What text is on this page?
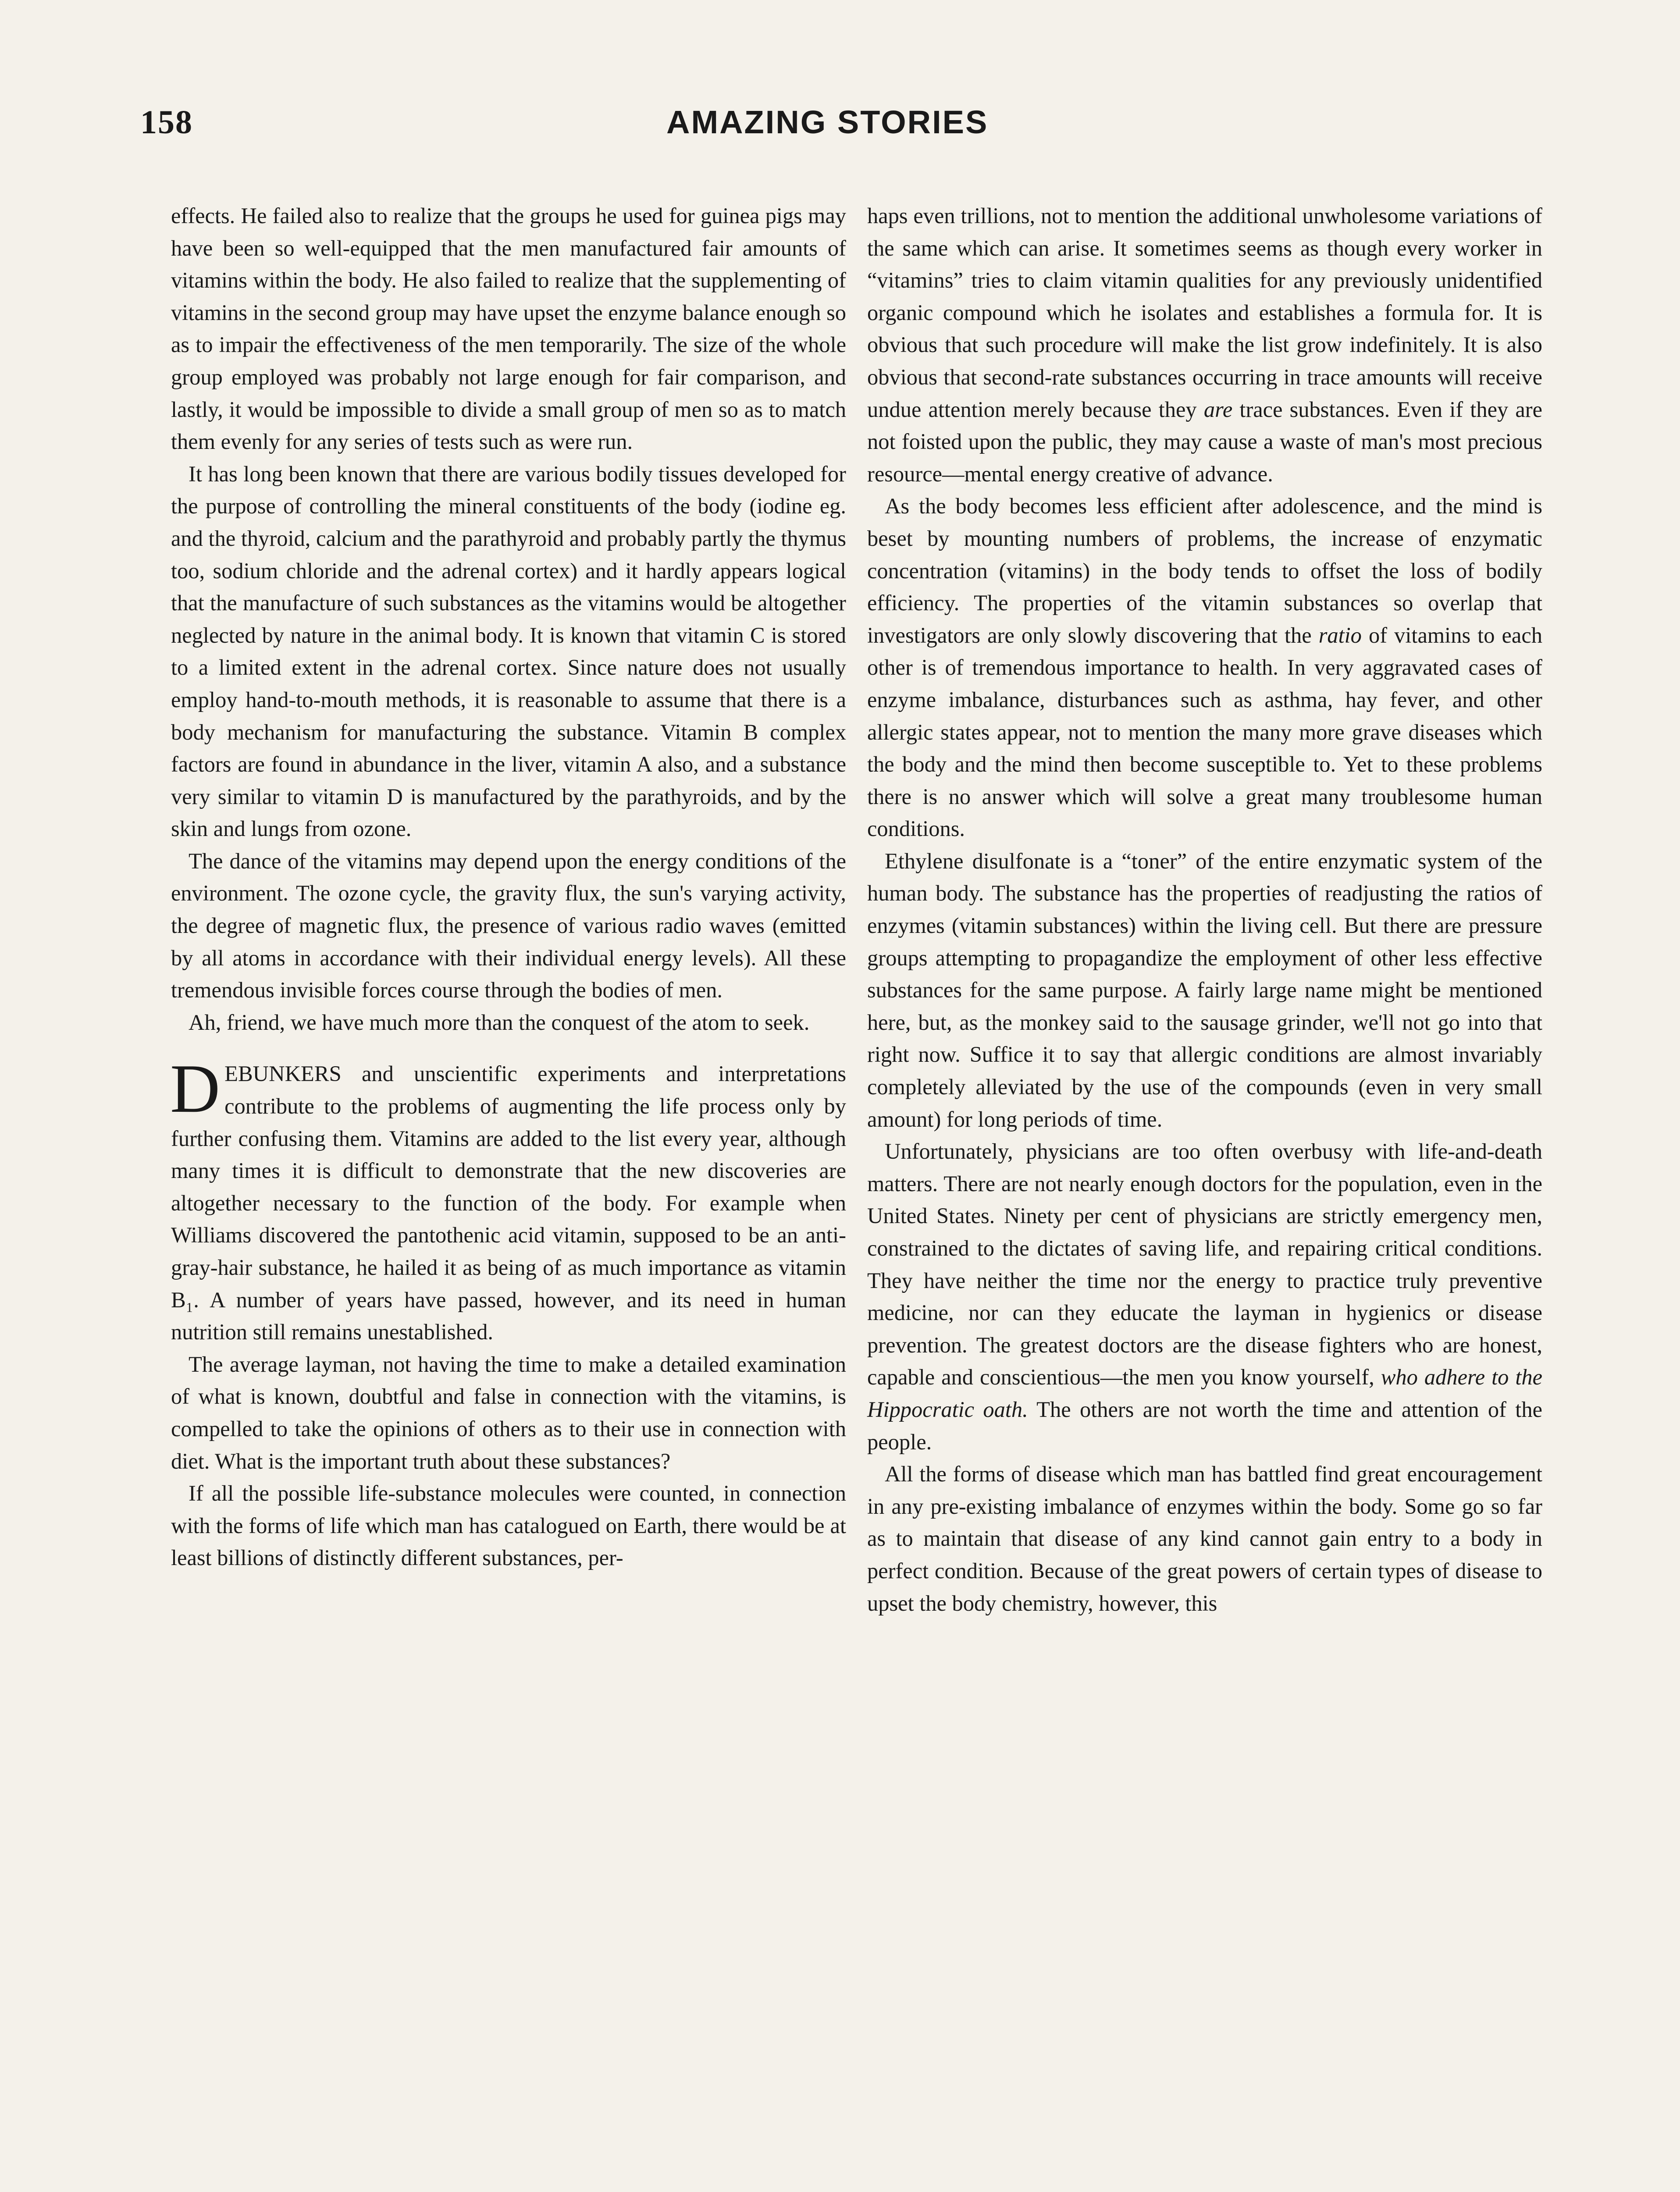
158	AMAZING STORIES

effects. He failed also to realize that the groups he used for guinea pigs may have been so well-equipped that the men manufactured fair amounts of vitamins within the body. He also failed to realize that the supplementing of vitamins in the second group may have upset the enzyme balance enough so as to impair the effectiveness of the men temporarily. The size of the whole group employed was probably not large enough for fair comparison, and lastly, it would be impossible to divide a small group of men so as to match them evenly for any series of tests such as were run.

It has long been known that there are various bodily tissues developed for the purpose of controlling the mineral constituents of the body (iodine eg. and the thyroid, calcium and the parathyroid and probably partly the thymus too, sodium chloride and the adrenal cortex) and it hardly appears logical that the manufacture of such substances as the vitamins would be altogether neglected by nature in the animal body. It is known that vitamin C is stored to a limited extent in the adrenal cortex. Since nature does not usually employ hand-to-mouth methods, it is reasonable to assume that there is a body mechanism for manufacturing the substance. Vitamin B complex factors are found in abundance in the liver, vitamin A also, and a substance very similar to vitamin D is manufactured by the parathyroids, and by the skin and lungs from ozone.

The dance of the vitamins may depend upon the energy conditions of the environment. The ozone cycle, the gravity flux, the sun's varying activity, the degree of magnetic flux, the presence of various radio waves (emitted by all atoms in accordance with their individual energy levels). All these tremendous invisible forces course through the bodies of men.

Ah, friend, we have much more than the conquest of the atom to seek.

DEBUNKERS and unscientific experiments and interpretations contribute to the problems of augmenting the life process only by further confusing them. Vitamins are added to the list every year, although many times it is difficult to demonstrate that the new discoveries are altogether necessary to the function of the body. For example when Williams discovered the pantothenic acid vitamin, supposed to be an anti-gray-hair substance, he hailed it as being of as much importance as vitamin B₁. A number of years have passed, however, and its need in human nutrition still remains unestablished.

The average layman, not having the time to make a detailed examination of what is known, doubtful and false in connection with the vitamins, is compelled to take the opinions of others as to their use in connection with diet. What is the important truth about these substances?

If all the possible life-substance molecules were counted, in connection with the forms of life which man has catalogued on Earth, there would be at least billions of distinctly different substances, per-

haps even trillions, not to mention the additional unwholesome variations of the same which can arise. It sometimes seems as though every worker in “vitamins” tries to claim vitamin qualities for any previously unidentified organic compound which he isolates and establishes a formula for. It is obvious that such procedure will make the list grow indefinitely. It is also obvious that second-rate substances occurring in trace amounts will receive undue attention merely because they are trace substances. Even if they are not foisted upon the public, they may cause a waste of man's most precious resource—mental energy creative of advance.

As the body becomes less efficient after adolescence, and the mind is beset by mounting numbers of problems, the increase of enzymatic concentration (vitamins) in the body tends to offset the loss of bodily efficiency. The properties of the vitamin substances so overlap that investigators are only slowly discovering that the ratio of vitamins to each other is of tremendous importance to health. In very aggravated cases of enzyme imbalance, disturbances such as asthma, hay fever, and other allergic states appear, not to mention the many more grave diseases which the body and the mind then become susceptible to. Yet to these problems there is no answer which will solve a great many troublesome human conditions.

Ethylene disulfonate is a “toner” of the entire enzymatic system of the human body. The substance has the properties of readjusting the ratios of enzymes (vitamin substances) within the living cell. But there are pressure groups attempting to propagandize the employment of other less effective substances for the same purpose. A fairly large name might be mentioned here, but, as the monkey said to the sausage grinder, we'll not go into that right now. Suffice it to say that allergic conditions are almost invariably completely alleviated by the use of the compounds (even in very small amount) for long periods of time.

Unfortunately, physicians are too often overbusy with life-and-death matters. There are not nearly enough doctors for the population, even in the United States. Ninety per cent of physicians are strictly emergency men, constrained to the dictates of saving life, and repairing critical conditions. They have neither the time nor the energy to practice truly preventive medicine, nor can they educate the layman in hygienics or disease prevention. The greatest doctors are the disease fighters who are honest, capable and conscientious—the men you know yourself, who adhere to the Hippocratic oath. The others are not worth the time and attention of the people.

All the forms of disease which man has battled find great encouragement in any pre-existing imbalance of enzymes within the body. Some go so far as to maintain that disease of any kind cannot gain entry to a body in perfect condition. Because of the great powers of certain types of disease to upset the body chemistry, however, this
